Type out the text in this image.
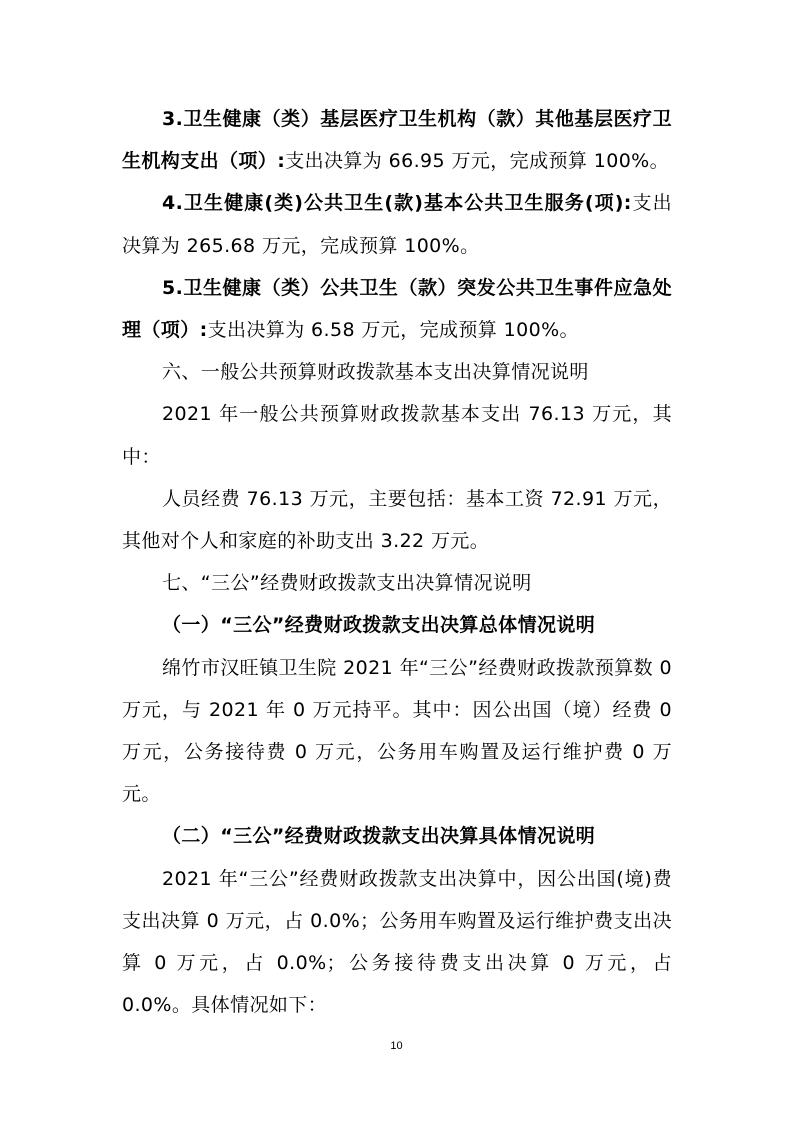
3.卫生健康（类）基层医疗卫生机构（款）其他基层医疗卫生机构支出（项）:支出决算为 66.95 万元，完成预算 100%。

4.卫生健康(类)公共卫生(款)基本公共卫生服务(项):支出决算为 265.68 万元，完成预算 100%。

5.卫生健康（类）公共卫生（款）突发公共卫生事件应急处理（项）:支出决算为 6.58 万元，完成预算 100%。

六、一般公共预算财政拨款基本支出决算情况说明

2021 年一般公共预算财政拨款基本支出 76.13 万元，其中：

人员经费 76.13 万元，主要包括：基本工资 72.91 万元，其他对个人和家庭的补助支出 3.22 万元。

七、“三公”经费财政拨款支出决算情况说明

（一）“三公”经费财政拨款支出决算总体情况说明

绵竹市汉旺镇卫生院 2021 年“三公”经费财政拨款预算数 0 万元，与 2021 年 0 万元持平。其中：因公出国（境）经费 0 万元，公务接待费 0 万元，公务用车购置及运行维护费 0 万元。

（二）“三公”经费财政拨款支出决算具体情况说明

2021 年“三公”经费财政拨款支出决算中，因公出国(境)费支出决算 0 万元，占 0.0%；公务用车购置及运行维护费支出决算 0 万元，占 0.0%；公务接待费支出决算 0 万元，占 0.0%。具体情况如下：

10
